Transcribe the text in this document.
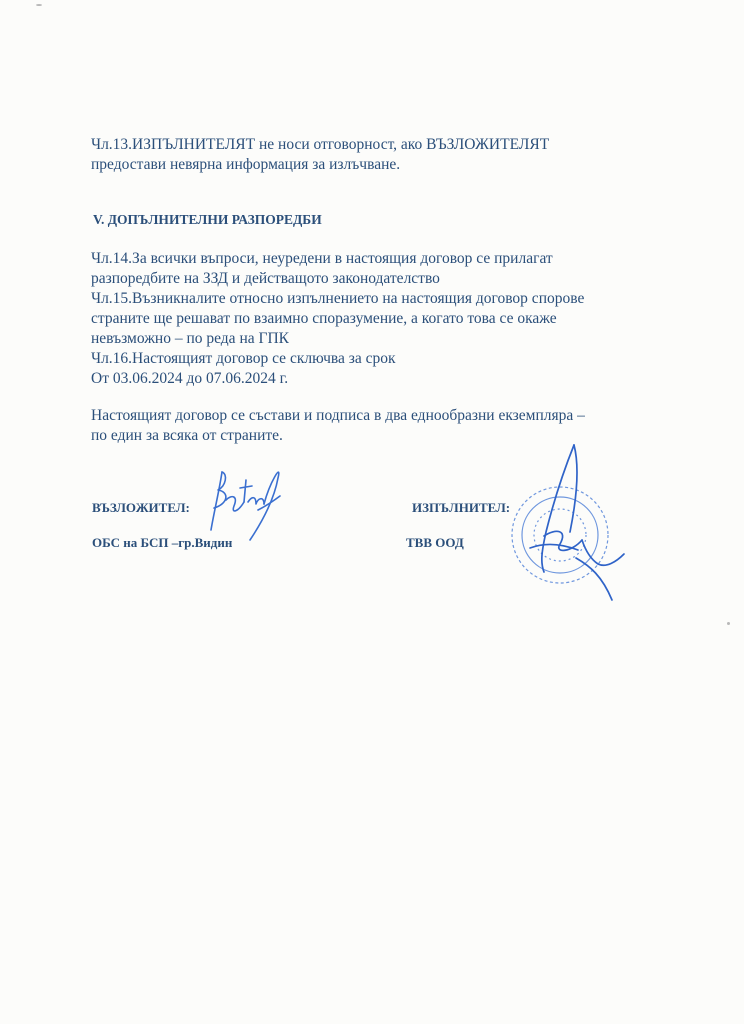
Чл.13.ИЗПЪЛНИТЕЛЯТ не носи отговорност, ако ВЪЗЛОЖИТЕЛЯТ

предостави невярна информация за излъчване.

V. ДОПЪЛНИТЕЛНИ РАЗПОРЕДБИ

Чл.14.За всички въпроси, неуредени в настоящия договор се прилагат

разпоредбите на ЗЗД и действащото законодателство

Чл.15.Възникналите относно изпълнението на настоящия договор спорове

страните ще решават по взаимно споразумение, а когато това се окаже

невъзможно – по реда на ГПК

Чл.16.Настоящият договор се сключва за срок

От 03.06.2024 до 07.06.2024 г.

Настоящият договор се състави и подписа в два еднообразни екземпляра –

по един за всяка от страните.

ВЪЗЛОЖИТЕЛ:

ОБС на БСП –гр.Видин

ИЗПЪЛНИТЕЛ:

ТВВ ООД
